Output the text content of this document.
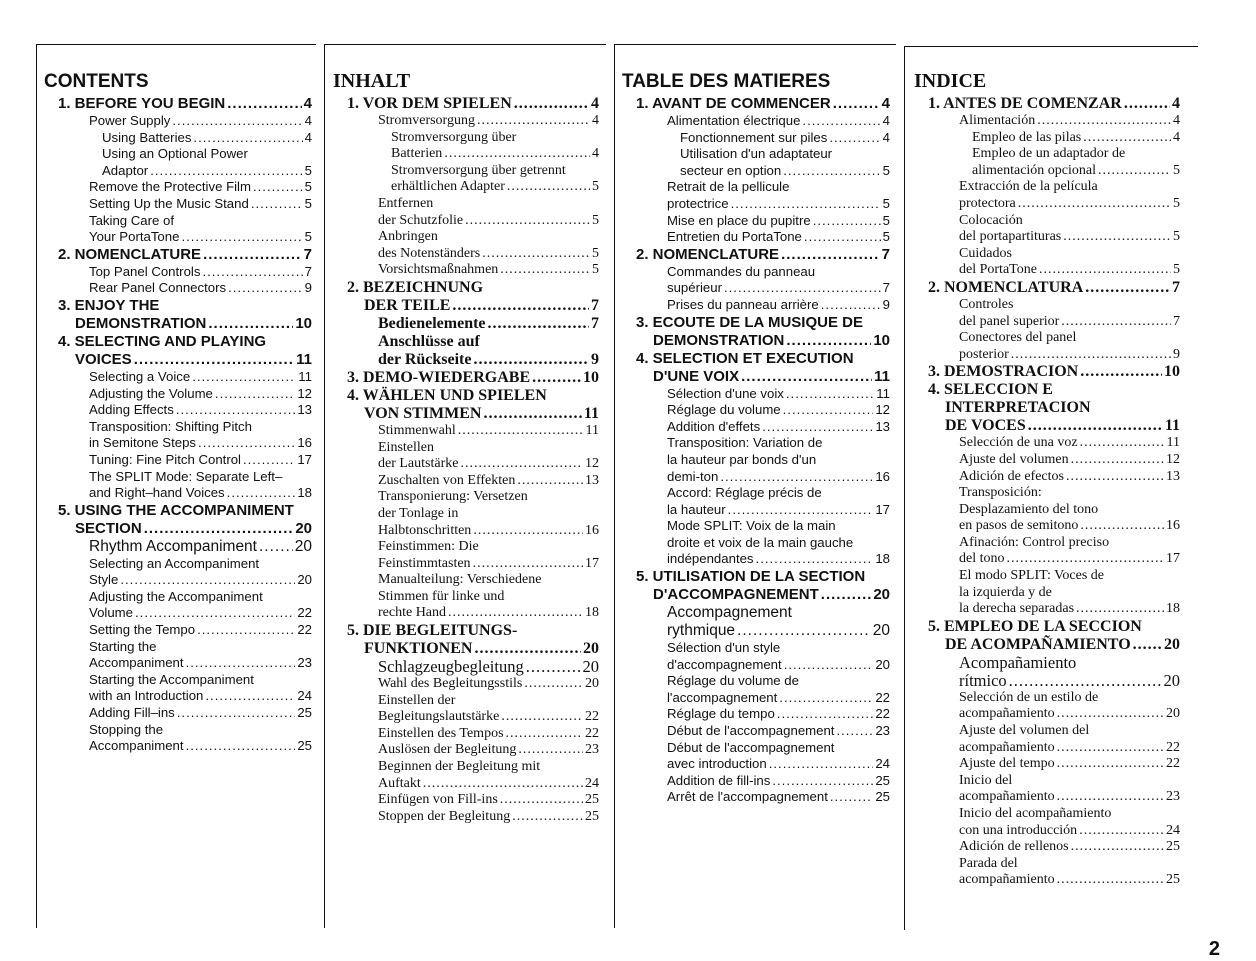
CONTENTS
1. BEFORE YOU BEGIN .....	4
Power Supply .....	4
Using Batteries .....	4
Using an Optional Power
Adaptor .....	5
Remove the Protective Film .....	5
Setting Up the Music Stand .....	5
Taking Care of
Your PortaTone .....	5
2. NOMENCLATURE .....	7
Top Panel Controls .....	7
Rear Panel Connectors .....	9
3. ENJOY THE
DEMONSTRATION .....	10
4. SELECTING AND PLAYING
VOICES .....	11
Selecting a Voice .....	11
Adjusting the Volume .....	12
Adding Effects .....	13
Transposition: Shifting Pitch
in Semitone Steps .....	16
Tuning: Fine Pitch Control .....	17
The SPLIT Mode: Separate Left–
and Right–hand Voices .....	18
5. USING THE ACCOMPANIMENT
SECTION .....	20
Rhythm Accompaniment ..... 20
Selecting an Accompaniment
Style .....	20
Adjusting the Accompaniment
Volume .....	22
Setting the Tempo .....	22
Starting the
Accompaniment .....	23
Starting the Accompaniment
with an Introduction .....	24
Adding Fill–ins .....	25
Stopping the
Accompaniment .....	25
INHALT
1. VOR DEM SPIELEN .....	4
Stromversorgung .....	4
Stromversorgung über
Batterien .....	4
Stromversorgung über getrennt
erhältlichen Adapter .....	5
Entfernen
der Schutzfolie .....	5
Anbringen
des Notenständers .....	5
Vorsichtsmaßnahmen .....	5
2. BEZEICHNUNG
DER TEILE .....	7
Bedienelemente .....	7
Anschlüsse auf
der Rückseite .....	9
3. DEMO-WIEDERGABE .....	10
4. WÄHLEN UND SPIELEN
VON STIMMEN .....	11
Stimmenwahl .....	11
Einstellen
der Lautstärke .....	12
Zuschalten von Effekten .....	13
Transponierung: Versetzen
der Tonlage in
Halbtonschritten .....	16
Feinstimmen: Die
Feinstimmtasten .....	17
Manualteilung: Verschiedene
Stimmen für linke und
rechte Hand .....	18
5. DIE BEGLEITUNGS-
FUNKTIONEN .....	20
Schlagzeugbegleitung .....	20
Wahl des Begleitungsstils .....	20
Einstellen der
Begleitungslautstärke .....	22
Einstellen des Tempos .....	22
Auslösen der Begleitung .....	23
Beginnen der Begleitung mit
Auftakt .....	24
Einfügen von Fill-ins .....	25
Stoppen der Begleitung .....	25
TABLE DES MATIERES
1. AVANT DE COMMENCER .....	4
Alimentation électrique .....	4
Fonctionnement sur piles .....	4
Utilisation d'un adaptateur
secteur en option .....	5
Retrait de la pellicule
protectrice .....	5
Mise en place du pupitre .....	5
Entretien du PortaTone .....	5
2. NOMENCLATURE .....	7
Commandes du panneau
supérieur .....	7
Prises du panneau arrière .....	9
3. ECOUTE DE LA MUSIQUE DE
DEMONSTRATION .....	10
4. SELECTION ET EXECUTION
D'UNE VOIX .....	11
Sélection d'une voix .....	11
Réglage du volume .....	12
Addition d'effets .....	13
Transposition: Variation de
la hauteur par bonds d'un
demi-ton .....	16
Accord: Réglage précis de
la hauteur .....	17
Mode SPLIT: Voix de la main
droite et voix de la main gauche
indépendantes .....	18
5. UTILISATION DE LA SECTION
D'ACCOMPAGNEMENT .....	20
Accompagnement
rythmique .....	20
Sélection d'un style
d'accompagnement .....	20
Réglage du volume de
l'accompagnement .....	22
Réglage du tempo .....	22
Début de l'accompagnement .....	23
Début de l'accompagnement
avec introduction .....	24
Addition de fill-ins .....	25
Arrêt de l'accompagnement .....	25
INDICE
1. ANTES DE COMENZAR .....	4
Alimentación .....	4
Empleo de las pilas .....	4
Empleo de un adaptador de
alimentación opcional .....	5
Extracción de la película
protectora .....	5
Colocación
del portapartituras .....	5
Cuidados
del PortaTone .....	5
2. NOMENCLATURA .....	7
Controles
del panel superior .....	7
Conectores del panel
posterior .....	9
3. DEMOSTRACION .....	10
4. SELECCION E
INTERPRETACION
DE VOCES .....	11
Selección de una voz .....	11
Ajuste del volumen .....	12
Adición de efectos .....	13
Transposición:
Desplazamiento del tono
en pasos de semitono .....	16
Afinación: Control preciso
del tono .....	17
El modo SPLIT: Voces de
la izquierda y de
la derecha separadas .....	18
5. EMPLEO DE LA SECCION
DE ACOMPAÑAMIENTO ..... 20
Acompañamiento
rítmico .....	20
Selección de un estilo de
acompañamiento .....	20
Ajuste del volumen del
acompañamiento .....	22
Ajuste del tempo .....	22
Inicio del
acompañamiento .....	23
Inicio del acompañamiento
con una introducción .....	24
Adición de rellenos .....	25
Parada del
acompañamiento .....	25
2
